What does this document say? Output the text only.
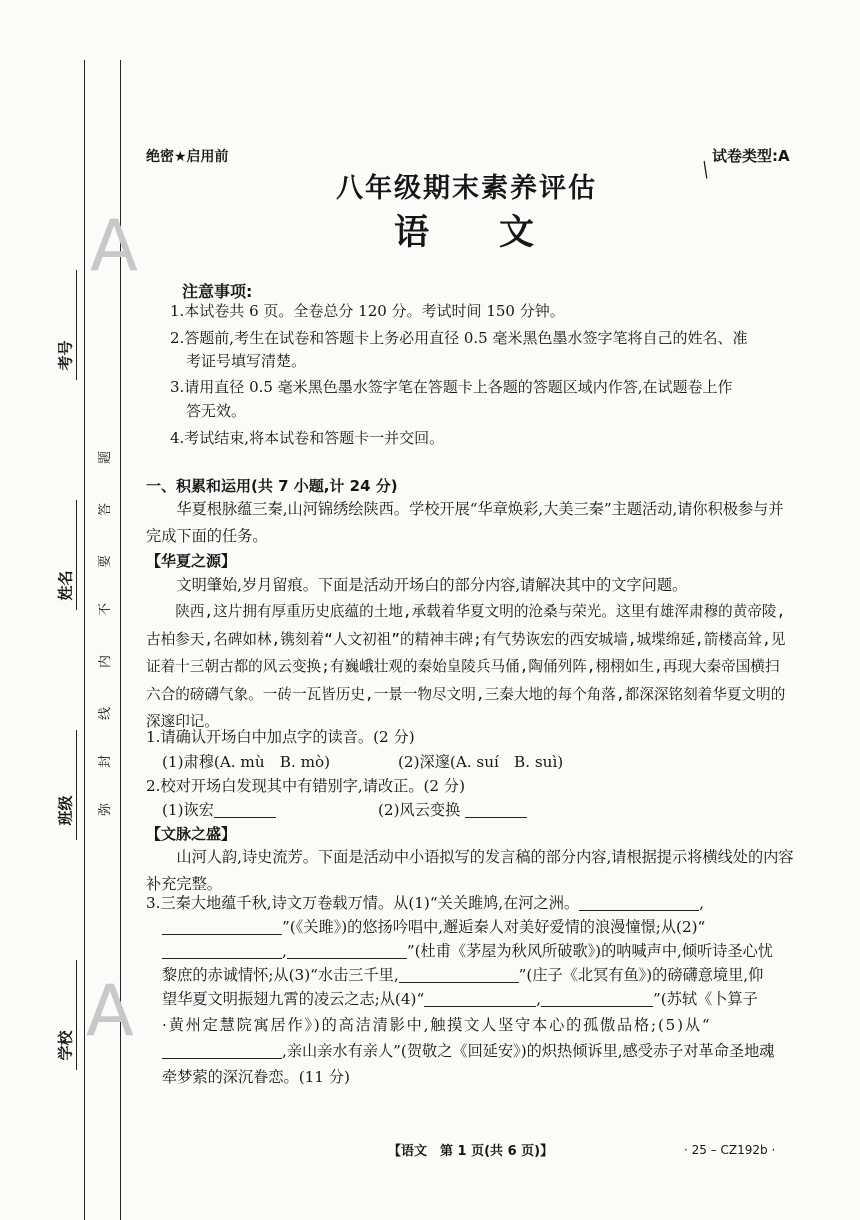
A
A
考号
姓名
班级
学校
题
答
要
不
内
线
封
弥
绝密★启用前	试卷类型:A
⁄
八年级期末素养评估
语　　文
注意事项:
1.本试卷共 6 页。全卷总分 120 分。考试时间 150 分钟。
2.答题前,考生在试卷和答题卡上务必用直径 0.5 毫米黑色墨水签字笔将自己的姓名、准
考证号填写清楚。
3.请用直径 0.5 毫米黑色墨水签字笔在答题卡上各题的答题区域内作答,在试题卷上作
答无效。
4.考试结束,将本试卷和答题卡一并交回。
一、积累和运用(共 7 小题,计 24 分)
华夏根脉蕴三秦,山河锦绣绘陕西。学校开展“华章焕彩,大美三秦”主题活动,请你积极参与并完成下面的任务。
【华夏之源】
文明肇始,岁月留痕。下面是活动开场白的部分内容,请解决其中的文字问题。
陕西,这片拥有厚重历史底蕴的土地,承载着华夏文明的沧桑与荣光。这里有雄浑肃穆的黄帝陵,古柏参天,名碑如林,镌刻着“人文初祖”的精神丰碑;有气势诙宏的西安城墙,城堞绵延,箭楼高耸,见证着十三朝古都的风云变换;有巍峨壮观的秦始皇陵兵马俑,陶俑列阵,栩栩如生,再现大秦帝国横扫六合的磅礴气象。一砖一瓦皆历史,一景一物尽文明,三秦大地的每个角落,都深深铭刻着华夏文明的深邃印记。
1.请确认开场白中加点字的读音。(2 分)
(1)肃穆(A. mù　B. mò)	(2)深邃(A. suí　B. suì)
2.校对开场白发现其中有错别字,请改正。(2 分)
(1)诙宏	(2)风云变换
【文脉之盛】
山河人韵,诗史流芳。下面是活动中小语拟写的发言稿的部分内容,请根据提示将横线处的内容补充完整。
3.三秦大地蕴千秋,诗文万卷载万情。从(1)“关关雎鸠,在河之洲。	,
”(《关雎》)的悠扬吟唱中,邂逅秦人对美好爱情的浪漫憧憬;从(2)“
,	”(杜甫《茅屋为秋风所破歌》)的呐喊声中,倾听诗圣心忧
黎庶的赤诚情怀;从(3)“水击三千里,	”(庄子《北冥有鱼》)的磅礴意境里,仰
望华夏文明振翅九霄的凌云之志;从(4)“	,	”(苏轼《卜算子
·黄州定慧院寓居作》)的高洁清影中,触摸文人坚守本心的孤傲品格;(5)从“
,亲山亲水有亲人”(贺敬之《回延安》)的炽热倾诉里,感受赤子对革命圣地魂
牵梦萦的深沉眷恋。(11 分)
【语文　第 1 页(共 6 页)】	· 25 – CZ192b ·
